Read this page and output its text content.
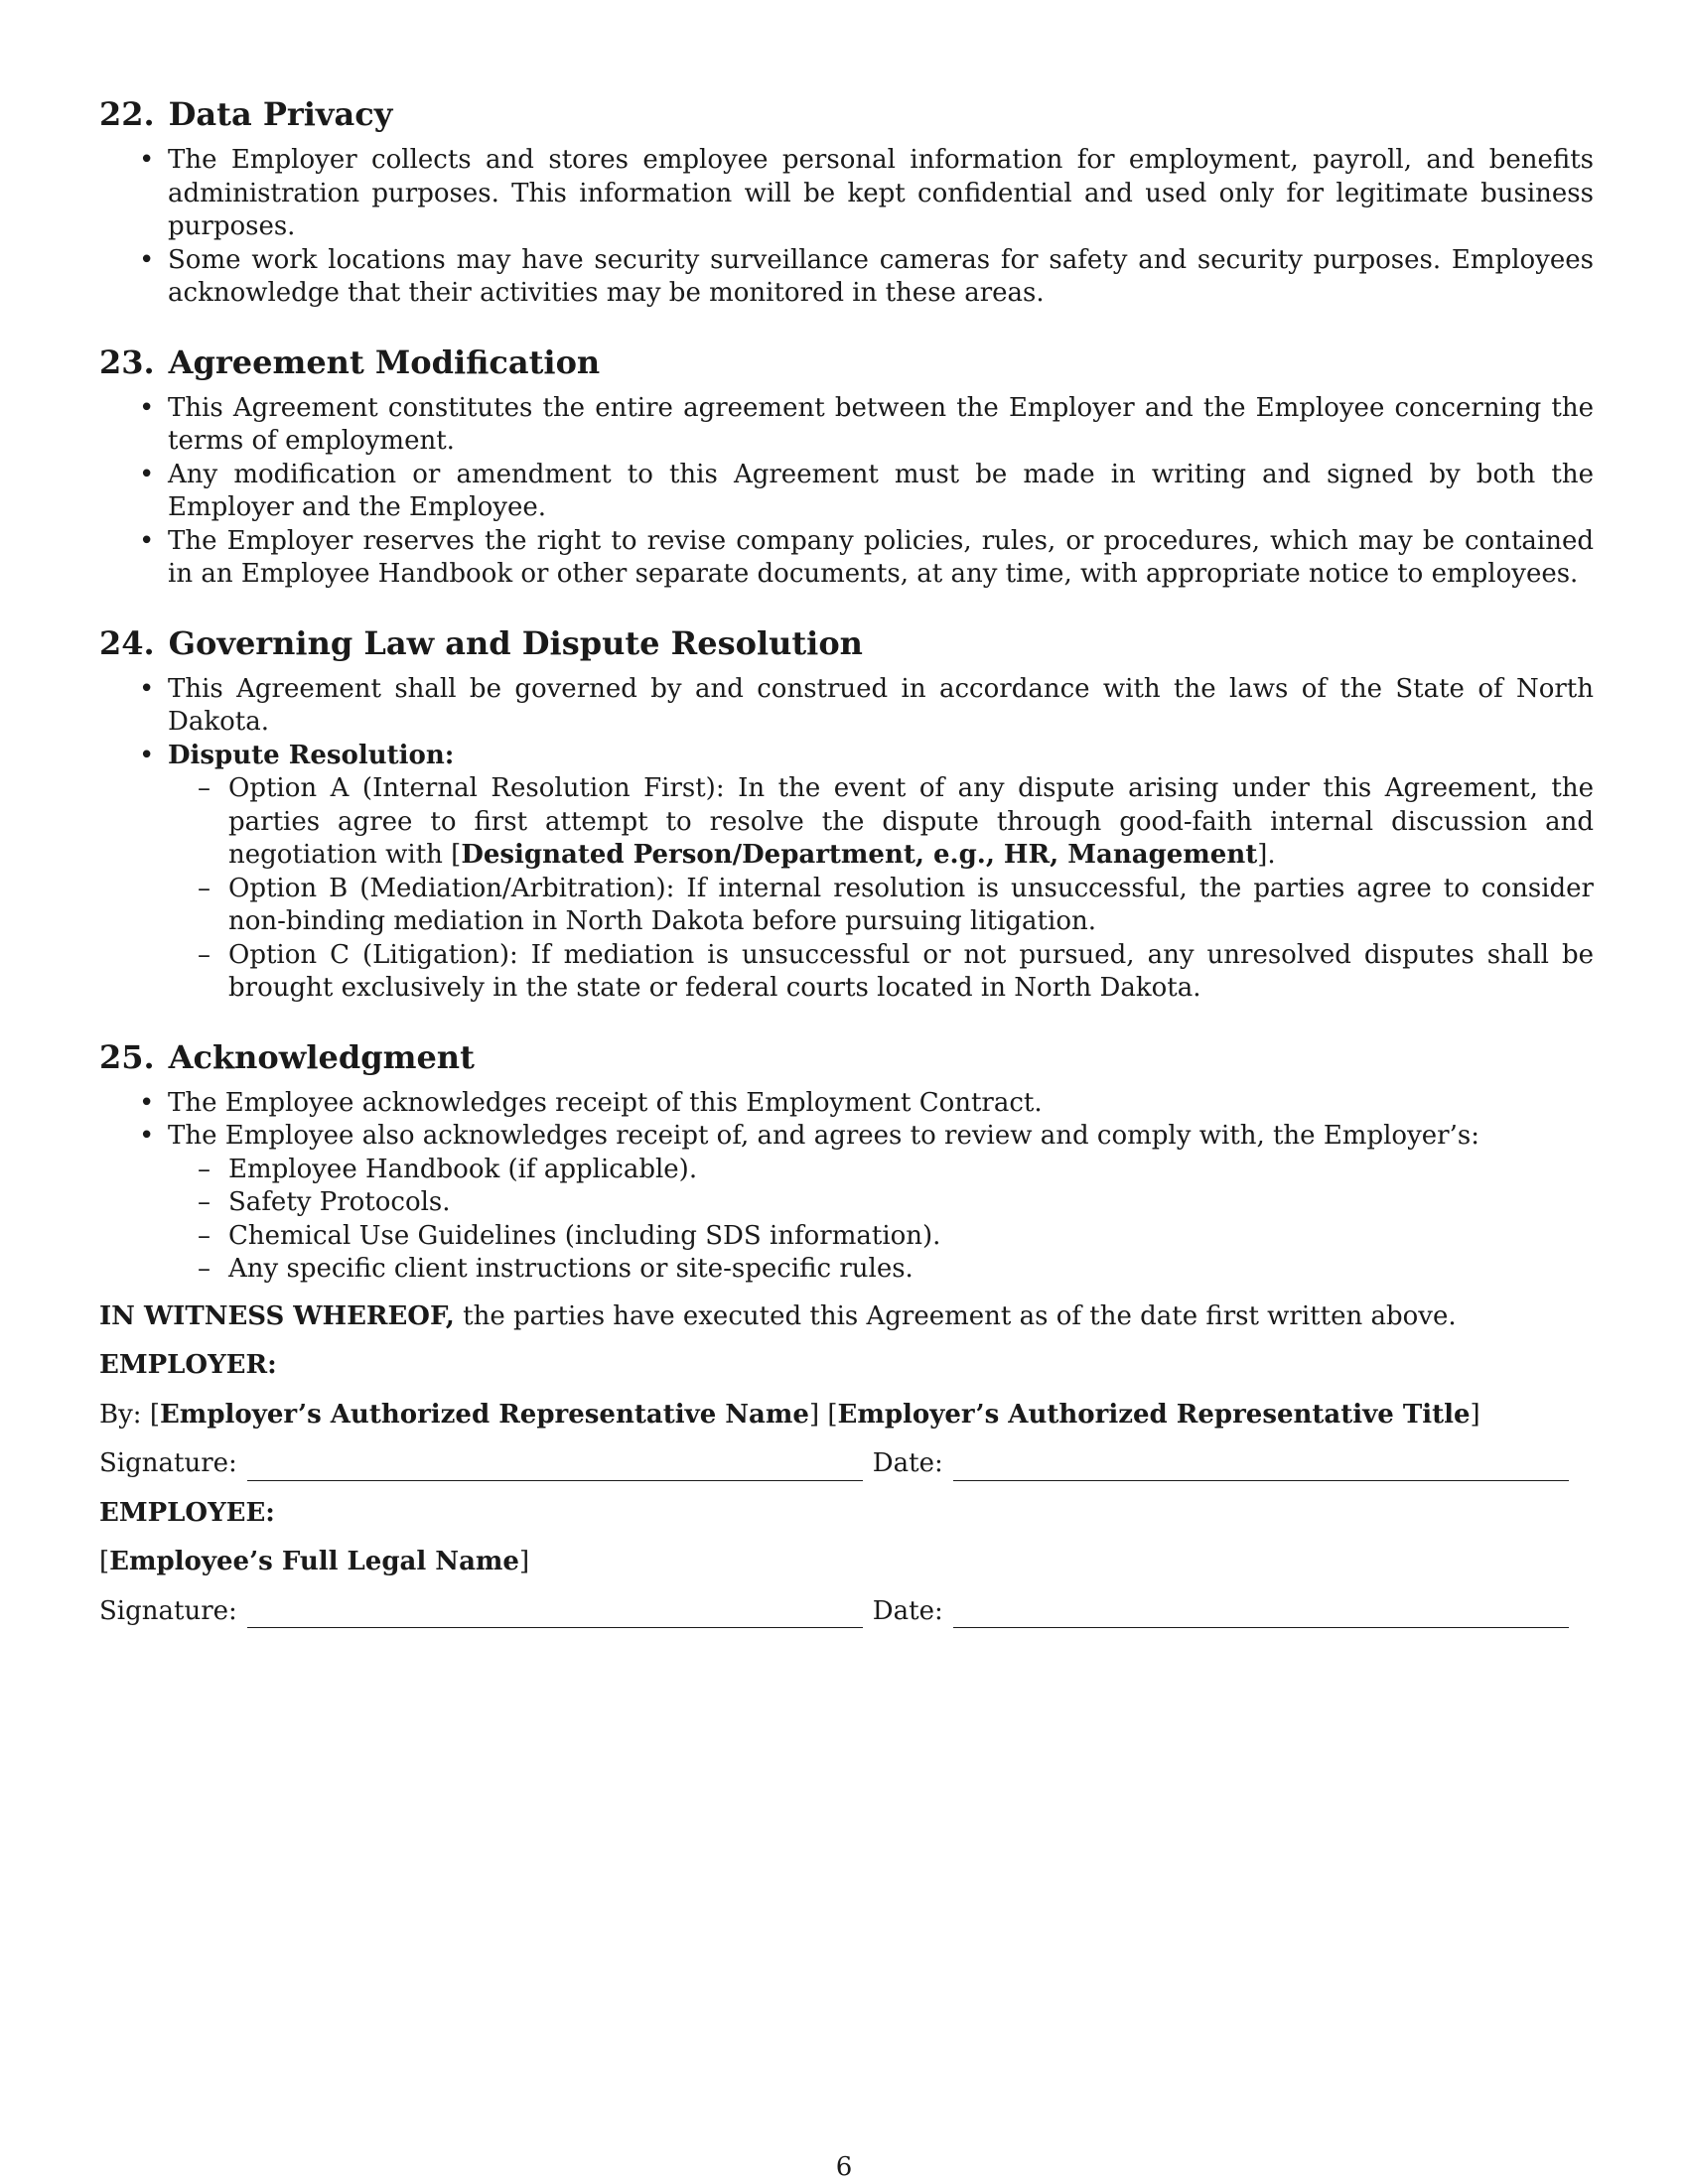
22. Data Privacy
• The Employer collects and stores employee personal information for employment, payroll, and benefits administration purposes. This information will be kept confidential and used only for legitimate business purposes.
• Some work locations may have security surveillance cameras for safety and security purposes. Employees acknowledge that their activities may be monitored in these areas.
23. Agreement Modification
• This Agreement constitutes the entire agreement between the Employer and the Employee concerning the terms of employment.
• Any modification or amendment to this Agreement must be made in writing and signed by both the Employer and the Employee.
• The Employer reserves the right to revise company policies, rules, or procedures, which may be contained in an Employee Handbook or other separate documents, at any time, with appropriate notice to employees.
24. Governing Law and Dispute Resolution
• This Agreement shall be governed by and construed in accordance with the laws of the State of North Dakota.
• Dispute Resolution:
– Option A (Internal Resolution First): In the event of any dispute arising under this Agreement, the parties agree to first attempt to resolve the dispute through good-faith internal discussion and negotiation with [Designated Person/Department, e.g., HR, Management].
– Option B (Mediation/Arbitration): If internal resolution is unsuccessful, the parties agree to consider non-binding mediation in North Dakota before pursuing litigation.
– Option C (Litigation): If mediation is unsuccessful or not pursued, any unresolved disputes shall be brought exclusively in the state or federal courts located in North Dakota.
25. Acknowledgment
• The Employee acknowledges receipt of this Employment Contract.
• The Employee also acknowledges receipt of, and agrees to review and comply with, the Employer’s:
– Employee Handbook (if applicable).
– Safety Protocols.
– Chemical Use Guidelines (including SDS information).
– Any specific client instructions or site-specific rules.

IN WITNESS WHEREOF, the parties have executed this Agreement as of the date first written above.

EMPLOYER:

By: [Employer’s Authorized Representative Name] [Employer’s Authorized Representative Title]

Signature:	Date:

EMPLOYEE:

[Employee’s Full Legal Name]

Signature:	Date:
6
